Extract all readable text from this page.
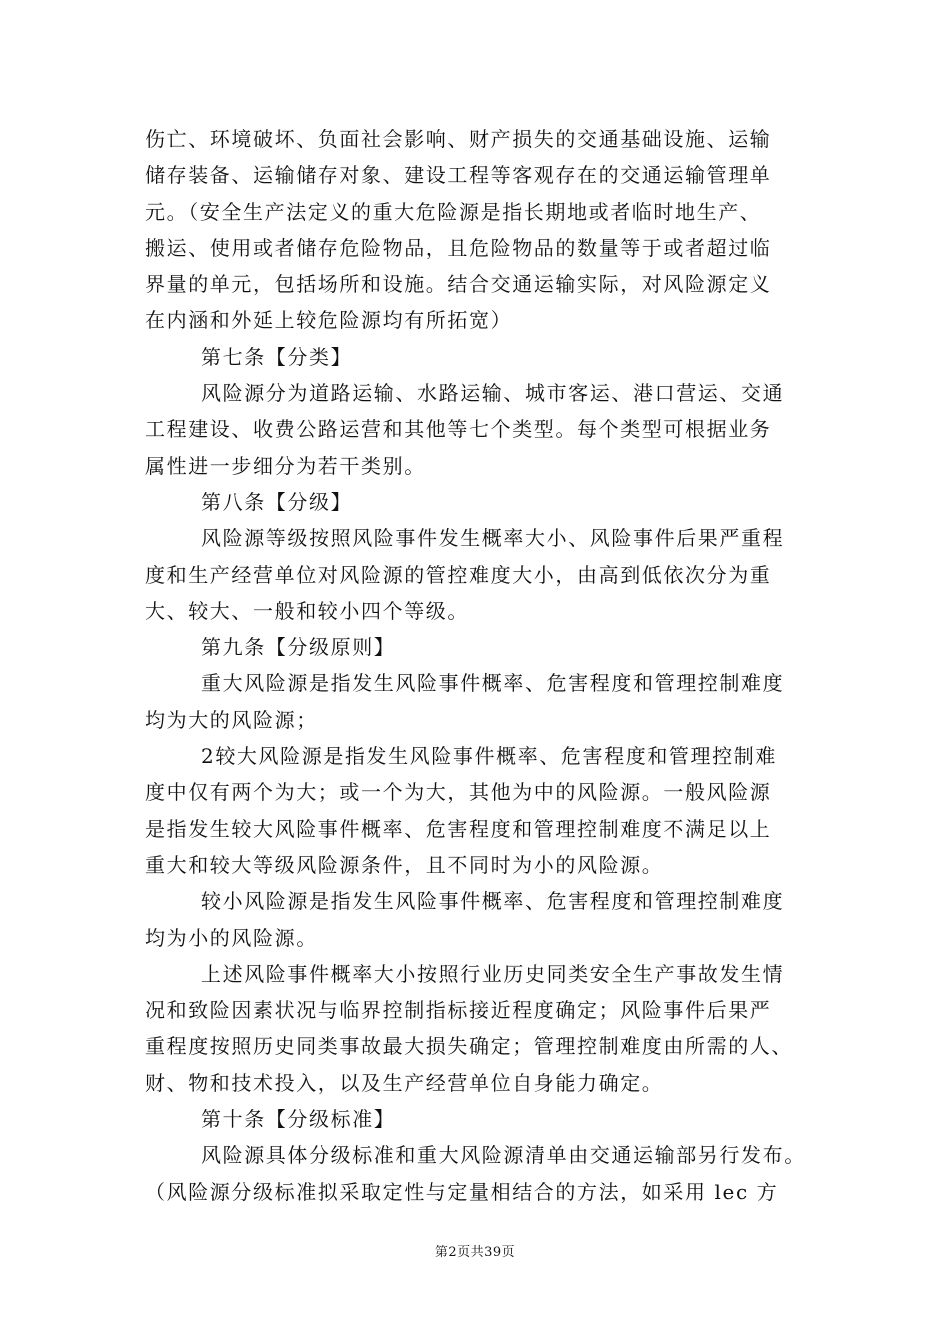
伤亡、环境破坏、负面社会影响、财产损失的交通基础设施、运输

储存装备、运输储存对象、建设工程等客观存在的交通运输管理单

元。（安全生产法定义的重大危险源是指长期地或者临时地生产、

搬运、使用或者储存危险物品，且危险物品的数量等于或者超过临

界量的单元，包括场所和设施。结合交通运输实际，对风险源定义

在内涵和外延上较危险源均有所拓宽）

第七条【分类】

风险源分为道路运输、水路运输、城市客运、港口营运、交通

工程建设、收费公路运营和其他等七个类型。每个类型可根据业务

属性进一步细分为若干类别。

第八条【分级】

风险源等级按照风险事件发生概率大小、风险事件后果严重程

度和生产经营单位对风险源的管控难度大小，由高到低依次分为重

大、较大、一般和较小四个等级。

第九条【分级原则】

重大风险源是指发生风险事件概率、危害程度和管理控制难度

均为大的风险源；

2较大风险源是指发生风险事件概率、危害程度和管理控制难

度中仅有两个为大；或一个为大，其他为中的风险源。一般风险源

是指发生较大风险事件概率、危害程度和管理控制难度不满足以上

重大和较大等级风险源条件，且不同时为小的风险源。

较小风险源是指发生风险事件概率、危害程度和管理控制难度

均为小的风险源。

上述风险事件概率大小按照行业历史同类安全生产事故发生情

况和致险因素状况与临界控制指标接近程度确定；风险事件后果严

重程度按照历史同类事故最大损失确定；管理控制难度由所需的人、

财、物和技术投入，以及生产经营单位自身能力确定。

第十条【分级标准】

风险源具体分级标准和重大风险源清单由交通运输部另行发布。

（风险源分级标准拟采取定性与定量相结合的方法，如采用 lec 方

第2页共39页
